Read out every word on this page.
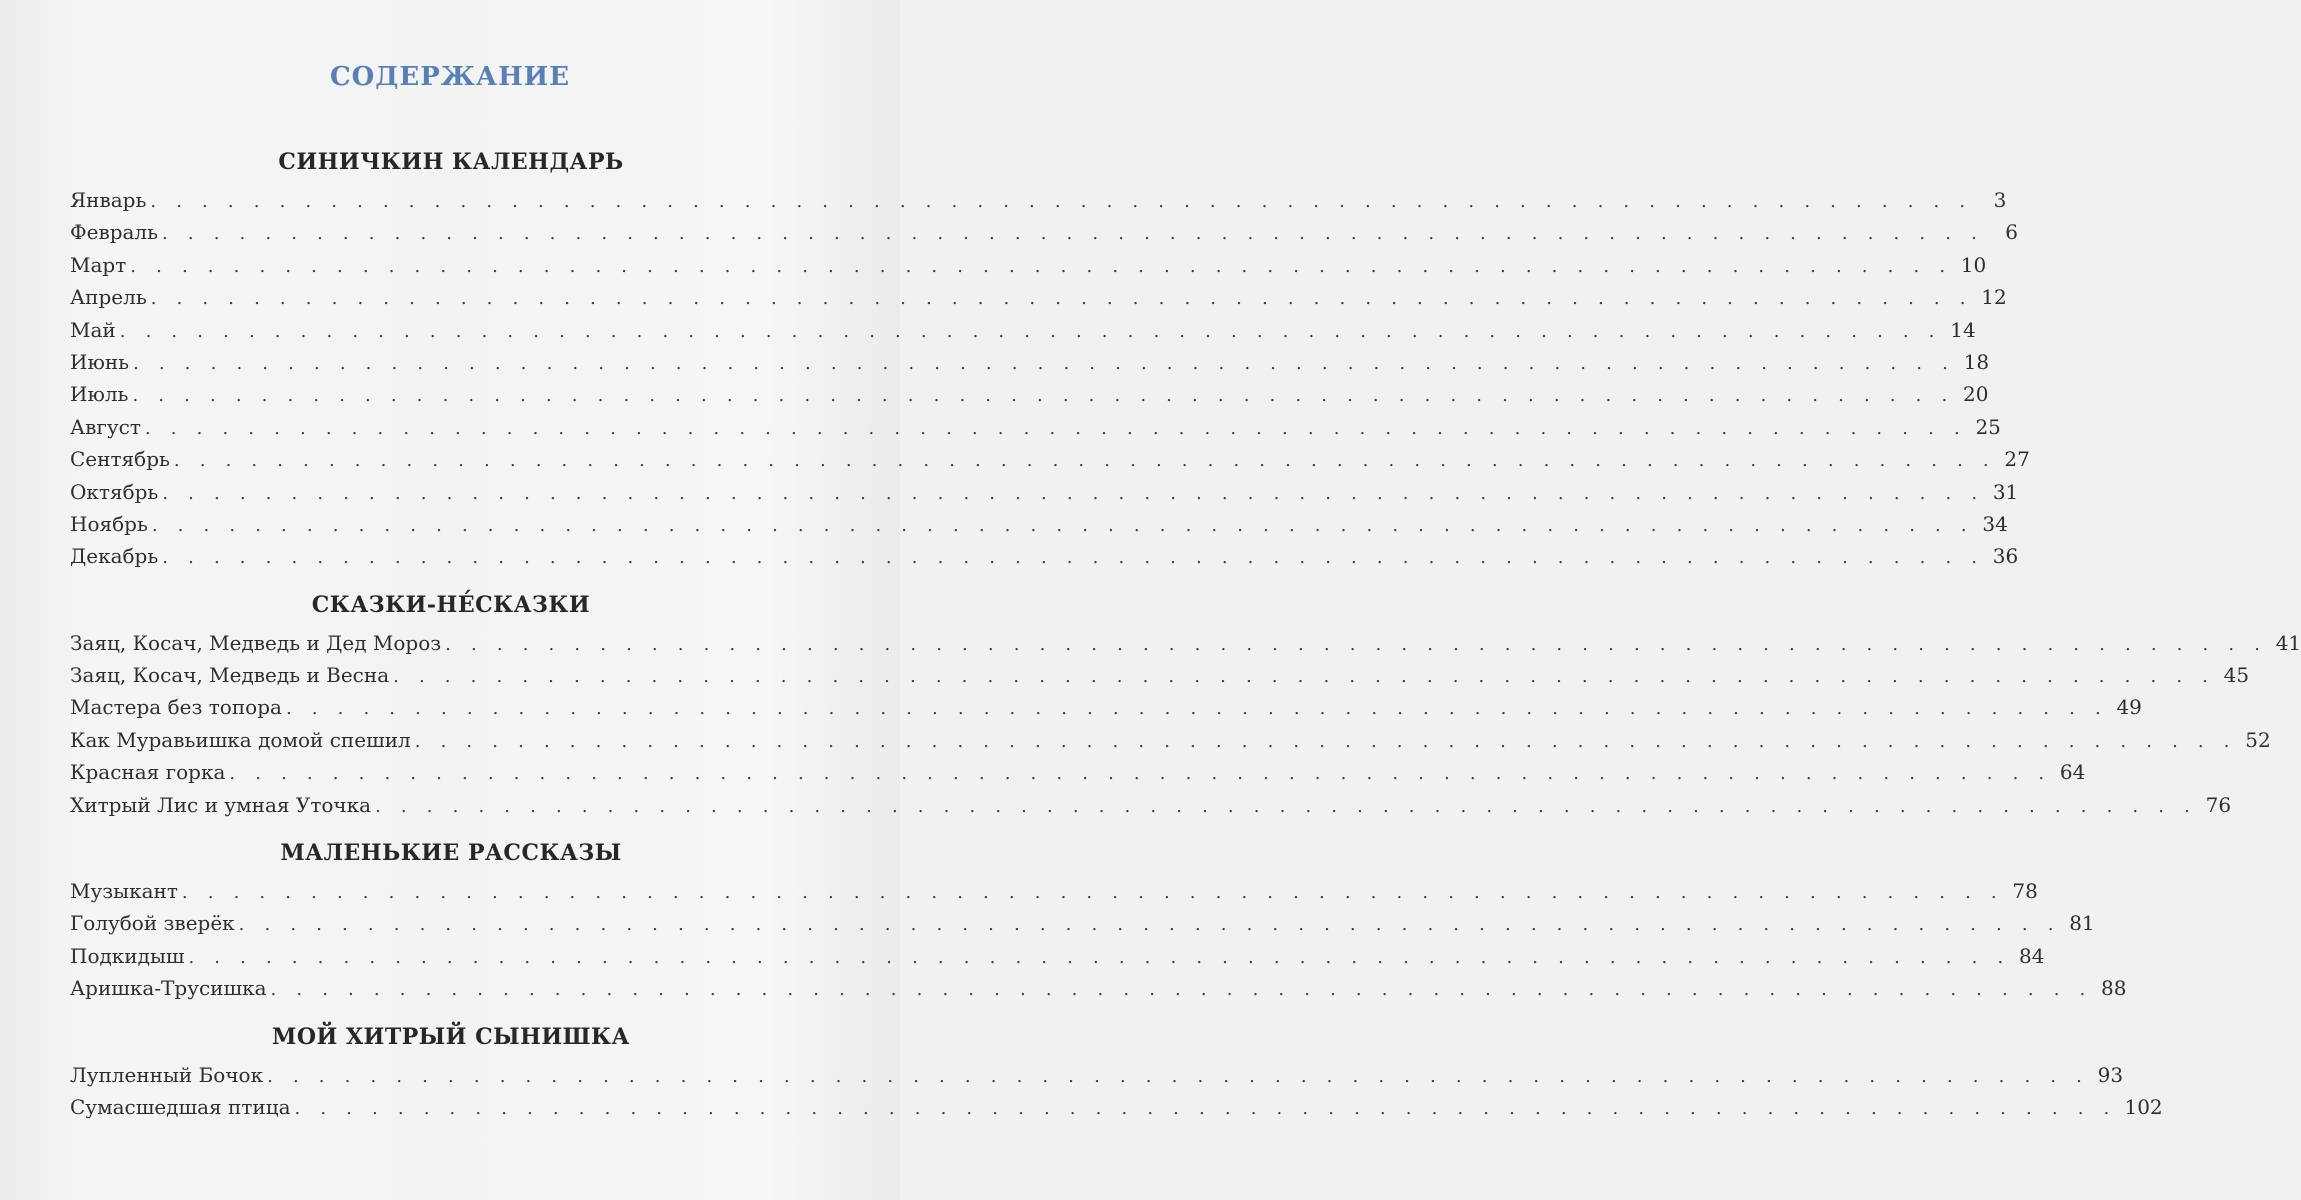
СОДЕРЖАНИЕ
СИНИЧКИН КАЛЕНДАРЬ
Январь . . . . . . . . . . . . . . . . . . . . . . . . . . . . . . . . . . . . . . . . . . . . . . . . . . . . . . . . . . . . . . . . . . . . . . .	3
Февраль . . . . . . . . . . . . . . . . . . . . . . . . . . . . . . . . . . . . . . . . . . . . . . . . . . . . . . . . . . . . . . . . . . . . . . .	6
Март . . . . . . . . . . . . . . . . . . . . . . . . . . . . . . . . . . . . . . . . . . . . . . . . . . . . . . . . . . . . . . . . . . . . . . . 10
Апрель . . . . . . . . . . . . . . . . . . . . . . . . . . . . . . . . . . . . . . . . . . . . . . . . . . . . . . . . . . . . . . . . . . . . . . . 12
Май . . . . . . . . . . . . . . . . . . . . . . . . . . . . . . . . . . . . . . . . . . . . . . . . . . . . . . . . . . . . . . . . . . . . . . . 14
Июнь . . . . . . . . . . . . . . . . . . . . . . . . . . . . . . . . . . . . . . . . . . . . . . . . . . . . . . . . . . . . . . . . . . . . . . . 18
Июль . . . . . . . . . . . . . . . . . . . . . . . . . . . . . . . . . . . . . . . . . . . . . . . . . . . . . . . . . . . . . . . . . . . . . . . 20
Август . . . . . . . . . . . . . . . . . . . . . . . . . . . . . . . . . . . . . . . . . . . . . . . . . . . . . . . . . . . . . . . . . . . . . . . 25
Сентябрь . . . . . . . . . . . . . . . . . . . . . . . . . . . . . . . . . . . . . . . . . . . . . . . . . . . . . . . . . . . . . . . . . . . . . . . 27
Октябрь . . . . . . . . . . . . . . . . . . . . . . . . . . . . . . . . . . . . . . . . . . . . . . . . . . . . . . . . . . . . . . . . . . . . . . . 31
Ноябрь . . . . . . . . . . . . . . . . . . . . . . . . . . . . . . . . . . . . . . . . . . . . . . . . . . . . . . . . . . . . . . . . . . . . . . . 34
Декабрь . . . . . . . . . . . . . . . . . . . . . . . . . . . . . . . . . . . . . . . . . . . . . . . . . . . . . . . . . . . . . . . . . . . . . . . 36
СКАЗКИ-НЕ́СКАЗКИ
Заяц, Косач, Медведь и Дед Мороз . . . . . . . . . . . . . . . . . . . . . . . . . . . . . . . . . . . . . . . . . . . . . . . . . . . . . . . . . . . . . . . . . . . . . . . 41
Заяц, Косач, Медведь и Весна . . . . . . . . . . . . . . . . . . . . . . . . . . . . . . . . . . . . . . . . . . . . . . . . . . . . . . . . . . . . . . . . . . . . . . . 45
Мастера без топора . . . . . . . . . . . . . . . . . . . . . . . . . . . . . . . . . . . . . . . . . . . . . . . . . . . . . . . . . . . . . . . . . . . . . . . 49
Как Муравьишка домой спешил . . . . . . . . . . . . . . . . . . . . . . . . . . . . . . . . . . . . . . . . . . . . . . . . . . . . . . . . . . . . . . . . . . . . . . . 52
Красная горка . . . . . . . . . . . . . . . . . . . . . . . . . . . . . . . . . . . . . . . . . . . . . . . . . . . . . . . . . . . . . . . . . . . . . . . 64
Хитрый Лис и умная Уточка . . . . . . . . . . . . . . . . . . . . . . . . . . . . . . . . . . . . . . . . . . . . . . . . . . . . . . . . . . . . . . . . . . . . . . . 76
МАЛЕНЬКИЕ РАССКАЗЫ
Музыкант . . . . . . . . . . . . . . . . . . . . . . . . . . . . . . . . . . . . . . . . . . . . . . . . . . . . . . . . . . . . . . . . . . . . . . . 78
Голубой зверёк . . . . . . . . . . . . . . . . . . . . . . . . . . . . . . . . . . . . . . . . . . . . . . . . . . . . . . . . . . . . . . . . . . . . . . . 81
Подкидыш . . . . . . . . . . . . . . . . . . . . . . . . . . . . . . . . . . . . . . . . . . . . . . . . . . . . . . . . . . . . . . . . . . . . . . . 84
Аришка-Трусишка . . . . . . . . . . . . . . . . . . . . . . . . . . . . . . . . . . . . . . . . . . . . . . . . . . . . . . . . . . . . . . . . . . . . . . . 88
МОЙ ХИТРЫЙ СЫНИШКА
Лупленный Бочок . . . . . . . . . . . . . . . . . . . . . . . . . . . . . . . . . . . . . . . . . . . . . . . . . . . . . . . . . . . . . . . . . . . . . . . 93
Сумасшедшая птица . . . . . . . . . . . . . . . . . . . . . . . . . . . . . . . . . . . . . . . . . . . . . . . . . . . . . . . . . . . . . . . . . . . . . . . 102
